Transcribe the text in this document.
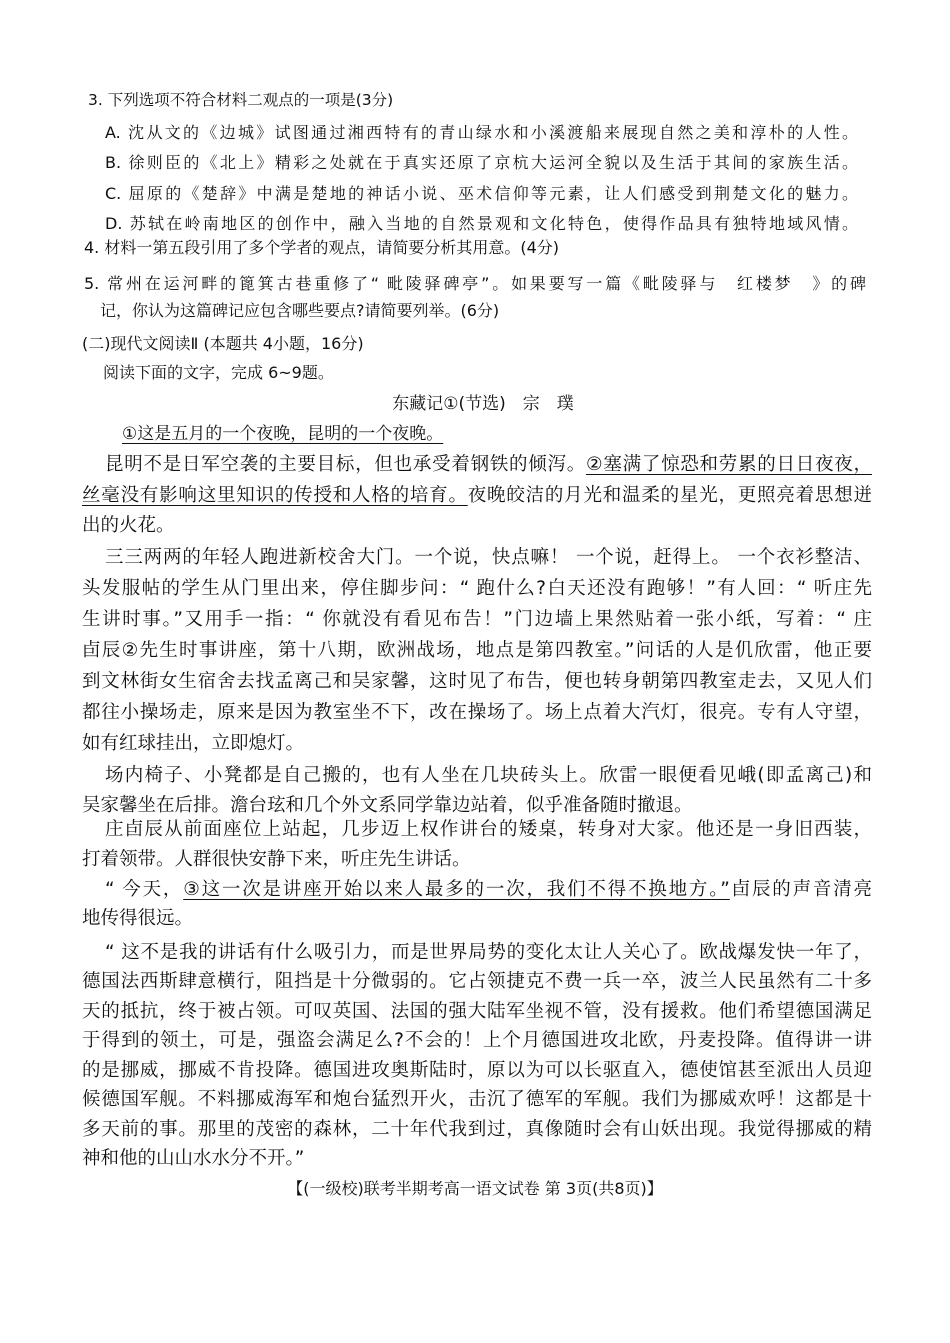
3. 下列选项不符合材料二观点的一项是(3分)
A. 沈从文的《边城》试图通过湘西特有的青山绿水和小溪渡船来展现自然之美和淳朴的人性。
B. 徐则臣的《北上》精彩之处就在于真实还原了京杭大运河全貌以及生活于其间的家族生活。
C. 屈原的《楚辞》中满是楚地的神话小说、巫术信仰等元素，让人们感受到荆楚文化的魅力。
D. 苏轼在岭南地区的创作中，融入当地的自然景观和文化特色，使得作品具有独特地域风情。
4. 材料一第五段引用了多个学者的观点，请简要分析其用意。(4分)
5. 常州在运河畔的篦箕古巷重修了“ 毗陵驿碑亭”。如果要写一篇《毗陵驿与　红楼梦　》的碑
记，你认为这篇碑记应包含哪些要点?请简要列举。(6分)
(二)现代文阅读Ⅱ (本题共 4小题，16分)
阅读下面的文字，完成 6~9题。
东藏记①(节选)　宗　璞
①这是五月的一个夜晚，昆明的一个夜晚。
昆明不是日军空袭的主要目标，但也承受着钢铁的倾泻。②塞满了惊恐和劳累的日日夜夜，
丝毫没有影响这里知识的传授和人格的培育。夜晚皎洁的月光和温柔的星光，更照亮着思想迸
出的火花。
三三两两的年轻人跑进新校舍大门。一个说，快点嘛！ 一个说，赶得上。 一个衣衫整洁、
头发服帖的学生从门里出来，停住脚步问：“ 跑什么?白天还没有跑够！”有人回：“ 听庄先
生讲时事。”又用手一指：“ 你就没有看见布告！”门边墙上果然贴着一张小纸，写着：“ 庄
卣辰②先生时事讲座，第十八期，欧洲战场，地点是第四教室。”问话的人是仉欣雷，他正要
到文林街女生宿舍去找孟离己和吴家馨，这时见了布告，便也转身朝第四教室走去，又见人们
都往小操场走，原来是因为教室坐不下，改在操场了。场上点着大汽灯，很亮。专有人守望，
如有红球挂出，立即熄灯。
场内椅子、小凳都是自己搬的，也有人坐在几块砖头上。欣雷一眼便看见峨(即孟离己)和
吴家馨坐在后排。澹台玹和几个外文系同学靠边站着，似乎准备随时撤退。
庄卣辰从前面座位上站起，几步迈上权作讲台的矮桌，转身对大家。他还是一身旧西装，
打着领带。人群很快安静下来，听庄先生讲话。
“ 今天，③这一次是讲座开始以来人最多的一次，我们不得不换地方。”卣辰的声音清亮
地传得很远。
“ 这不是我的讲话有什么吸引力，而是世界局势的变化太让人关心了。欧战爆发快一年了，
德国法西斯肆意横行，阻挡是十分微弱的。它占领捷克不费一兵一卒，波兰人民虽然有二十多
天的抵抗，终于被占领。可叹英国、法国的强大陆军坐视不管，没有援救。他们希望德国满足
于得到的领土，可是，强盗会满足么?不会的！上个月德国进攻北欧，丹麦投降。值得讲一讲
的是挪威，挪威不肯投降。德国进攻奥斯陆时，原以为可以长驱直入，德使馆甚至派出人员迎
候德国军舰。不料挪威海军和炮台猛烈开火，击沉了德军的军舰。我们为挪威欢呼！这都是十
多天前的事。那里的茂密的森林，二十年代我到过，真像随时会有山妖出现。我觉得挪威的精
神和他的山山水水分不开。”
【(一级校)联考半期考高一语文试卷 第 3页(共8页)】
